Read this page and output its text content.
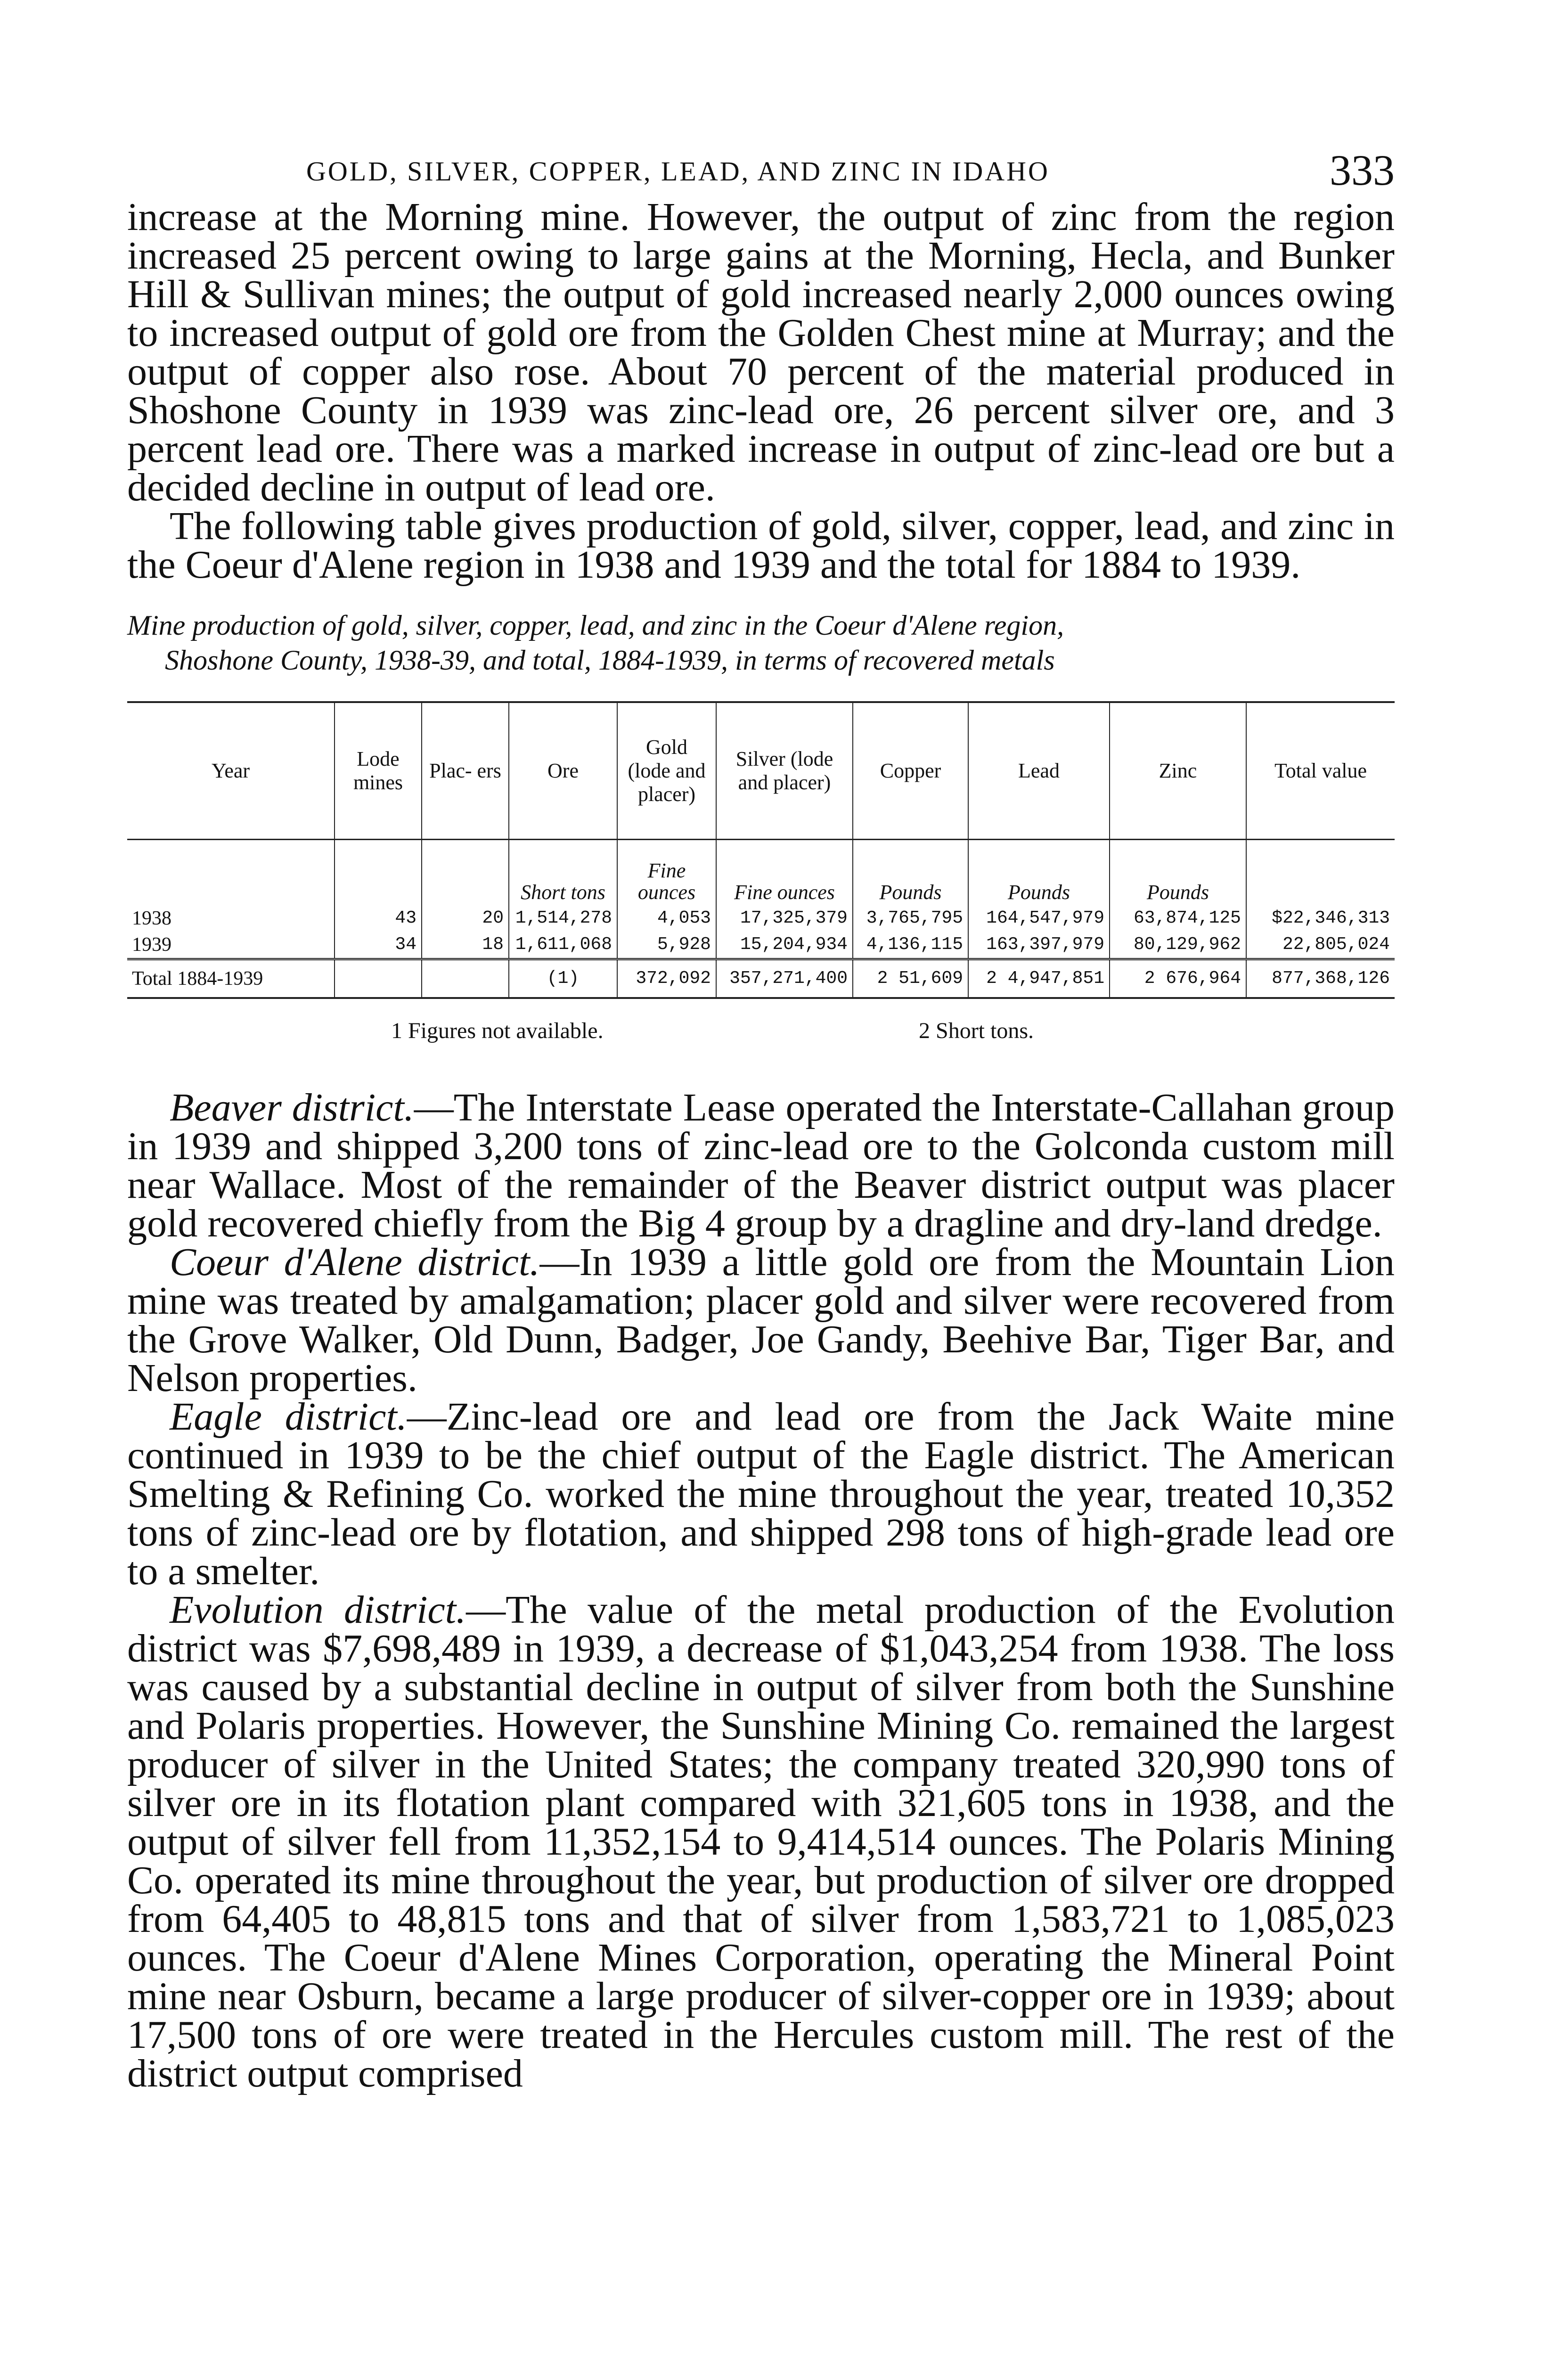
GOLD, SILVER, COPPER, LEAD, AND ZINC IN IDAHO	333

increase at the Morning mine. However, the output of zinc from the region increased 25 percent owing to large gains at the Morning, Hecla, and Bunker Hill & Sullivan mines; the output of gold increased nearly 2,000 ounces owing to increased output of gold ore from the Golden Chest mine at Murray; and the output of copper also rose. About 70 percent of the material produced in Shoshone County in 1939 was zinc-lead ore, 26 percent silver ore, and 3 percent lead ore. There was a marked increase in output of zinc-lead ore but a decided decline in output of lead ore.

The following table gives production of gold, silver, copper, lead, and zinc in the Coeur d'Alene region in 1938 and 1939 and the total for 1884 to 1939.

Mine production of gold, silver, copper, lead, and zinc in the Coeur d'Alene region,
Shoshone County, 1938-39, and total, 1884-1939, in terms of recovered metals
Year	Lode mines	Plac- ers	Ore	Gold (lode and placer)	Silver (lode and placer)	Copper	Lead	Zinc	Total value
			Short tons	Fine ounces	Fine ounces	Pounds	Pounds	Pounds	
1938	43	20	1,514,278	4,053	17,325,379	3,765,795	164,547,979	63,874,125	$22,346,313
1939	34	18	1,611,068	5,928	15,204,934	4,136,115	163,397,979	80,129,962	22,805,024
Total 1884-1939			(1)	372,092	357,271,400	2 51,609	2 4,947,851	2 676,964	877,368,126
1 Figures not available.	2 Short tons.

Beaver district.—The Interstate Lease operated the Interstate-Callahan group in 1939 and shipped 3,200 tons of zinc-lead ore to the Golconda custom mill near Wallace. Most of the remainder of the Beaver district output was placer gold recovered chiefly from the Big 4 group by a dragline and dry-land dredge.

Coeur d'Alene district.—In 1939 a little gold ore from the Mountain Lion mine was treated by amalgamation; placer gold and silver were recovered from the Grove Walker, Old Dunn, Badger, Joe Gandy, Beehive Bar, Tiger Bar, and Nelson properties.

Eagle district.—Zinc-lead ore and lead ore from the Jack Waite mine continued in 1939 to be the chief output of the Eagle district. The American Smelting & Refining Co. worked the mine throughout the year, treated 10,352 tons of zinc-lead ore by flotation, and shipped 298 tons of high-grade lead ore to a smelter.

Evolution district.—The value of the metal production of the Evolution district was $7,698,489 in 1939, a decrease of $1,043,254 from 1938. The loss was caused by a substantial decline in output of silver from both the Sunshine and Polaris properties. However, the Sunshine Mining Co. remained the largest producer of silver in the United States; the company treated 320,990 tons of silver ore in its flotation plant compared with 321,605 tons in 1938, and the output of silver fell from 11,352,154 to 9,414,514 ounces. The Polaris Mining Co. operated its mine throughout the year, but production of silver ore dropped from 64,405 to 48,815 tons and that of silver from 1,583,721 to 1,085,023 ounces. The Coeur d'Alene Mines Corporation, operating the Mineral Point mine near Osburn, became a large producer of silver-copper ore in 1939; about 17,500 tons of ore were treated in the Hercules custom mill. The rest of the district output comprised
